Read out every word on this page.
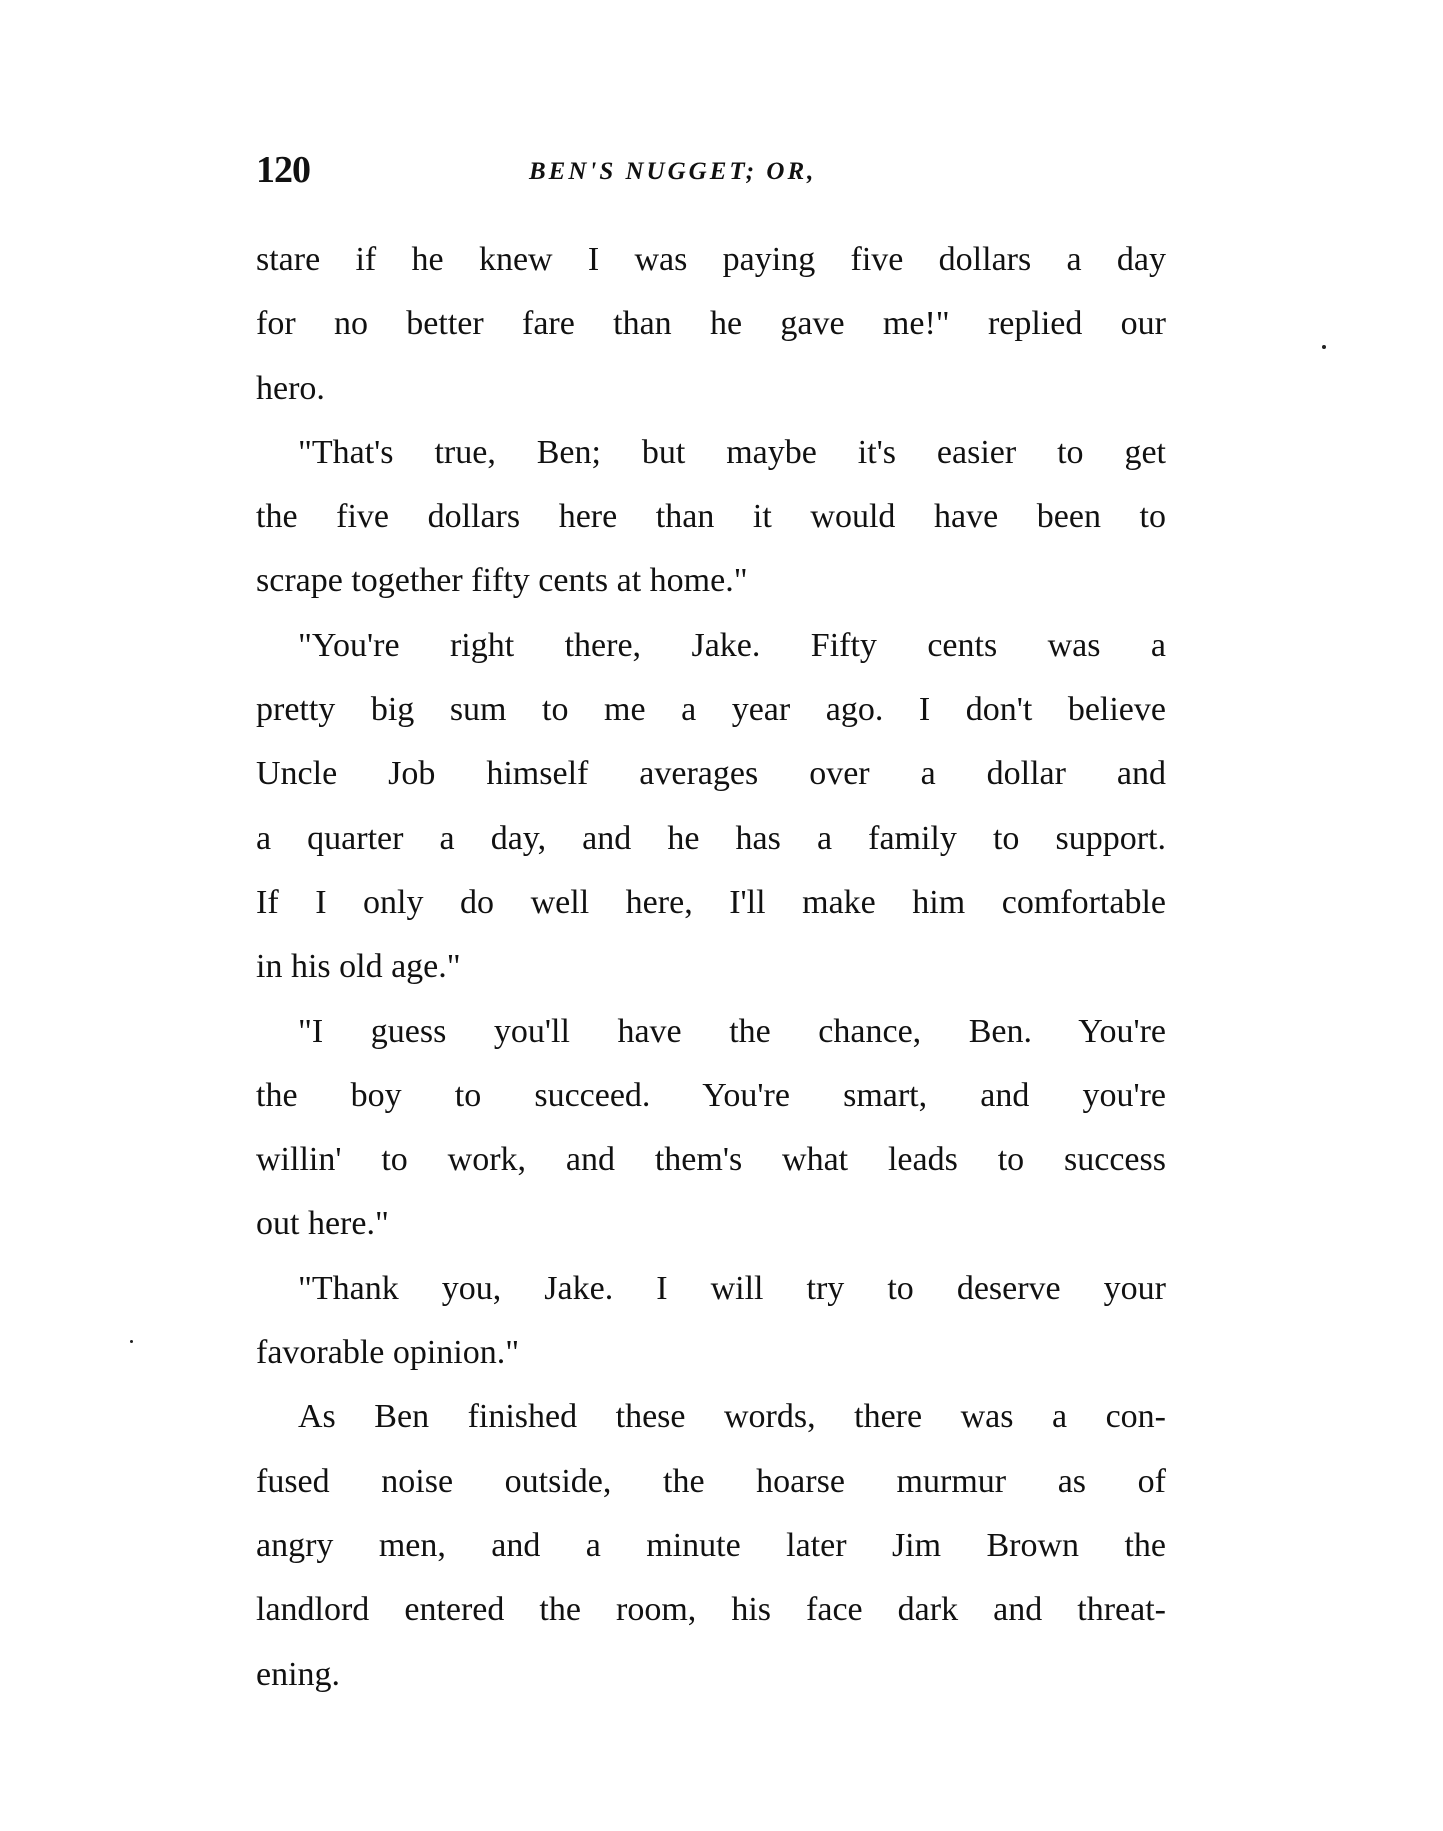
120	BEN'S NUGGET; OR,
stare if he knew I was paying five dollars a day
for no better fare than he gave me!" replied our
hero.
"That's true, Ben; but maybe it's easier to get
the five dollars here than it would have been to
scrape together fifty cents at home."
"You're right there, Jake. Fifty cents was a
pretty big sum to me a year ago. I don't believe
Uncle Job himself averages over a dollar and
a quarter a day, and he has a family to support.
If I only do well here, I'll make him comfortable
in his old age."
"I guess you'll have the chance, Ben. You're
the boy to succeed. You're smart, and you're
willin' to work, and them's what leads to success
out here."
"Thank you, Jake. I will try to deserve your
favorable opinion."
As Ben finished these words, there was a con-
fused noise outside, the hoarse murmur as of
angry men, and a minute later Jim Brown the
landlord entered the room, his face dark and threat-
ening.
